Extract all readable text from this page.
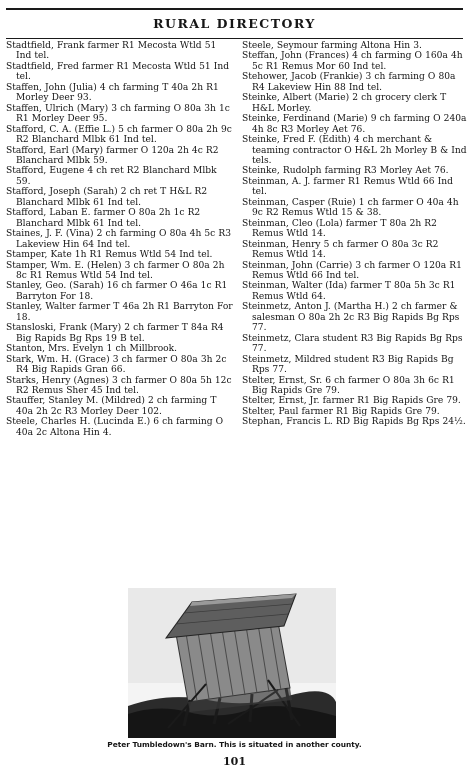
RURAL DIRECTORY

Stadtfield, Frank farmer R1 Mecosta Wtld 51 Ind tel.

Stadtfield, Fred farmer R1 Mecosta Wtld 51 Ind tel.

Staffen, John (Julia) 4 ch farming T 40a 2h R1 Morley Deer 93.

Staffen, Ulrich (Mary) 3 ch farming O 80a 3h 1c R1 Morley Deer 95.

Stafford, C. A. (Effie L.) 5 ch farmer O 80a 2h 9c R2 Blanchard Mlbk 61 Ind tel.

Stafford, Earl (Mary) farmer O 120a 2h 4c R2 Blanchard Mlbk 59.

Stafford, Eugene 4 ch ret R2 Blanchard Mlbk 59.

Stafford, Joseph (Sarah) 2 ch ret T H&L R2 Blanchard Mlbk 61 Ind tel.

Stafford, Laban E. farmer O 80a 2h 1c R2 Blanchard Mlbk 61 Ind tel.

Staines, J. F. (Vina) 2 ch farming O 80a 4h 5c R3 Lakeview Hin 64 Ind tel.

Stamper, Kate 1h R1 Remus Wtld 54 Ind tel.

Stamper, Wm. E. (Helen) 3 ch farmer O 80a 2h 8c R1 Remus Wtld 54 Ind tel.

Stanley, Geo. (Sarah) 16 ch farmer O 46a 1c R1 Barryton For 18.

Stanley, Walter farmer T 46a 2h R1 Barryton For 18.

Stansloski, Frank (Mary) 2 ch farmer T 84a R4 Big Rapids Bg Rps 19 B tel.

Stanton, Mrs. Evelyn 1 ch Millbrook.

Stark, Wm. H. (Grace) 3 ch farmer O 80a 3h 2c R4 Big Rapids Gran 66.

Starks, Henry (Agnes) 3 ch farmer O 80a 5h 12c R2 Remus Sher 45 Ind tel.

Stauffer, Stanley M. (Mildred) 2 ch farming T 40a 2h 2c R3 Morley Deer 102.

Steele, Charles H. (Lucinda E.) 6 ch farming O 40a 2c Altona Hin 4.

Steele, Seymour farming Altona Hin 3.

Steffan, John (Frances) 4 ch farming O 160a 4h 5c R1 Remus Mor 60 Ind tel.

Stehower, Jacob (Frankie) 3 ch farming O 80a R4 Lakeview Hin 88 Ind tel.

Steinke, Albert (Marie) 2 ch grocery clerk T H&L Morley.

Steinke, Ferdinand (Marie) 9 ch farming O 240a 4h 8c R3 Morley Aet 76.

Steinke, Fred F. (Edith) 4 ch merchant & teaming contractor O H&L 2h Morley B & Ind tels.

Steinke, Rudolph farming R3 Morley Aet 76.

Steinman, A. J. farmer R1 Remus Wtld 66 Ind tel.

Steinman, Casper (Ruie) 1 ch farmer O 40a 4h 9c R2 Remus Wtld 15 & 38.

Steinman, Cleo (Lola) farmer T 80a 2h R2 Remus Wtld 14.

Steinman, Henry 5 ch farmer O 80a 3c R2 Remus Wtld 14.

Steinman, John (Carrie) 3 ch farmer O 120a R1 Remus Wtld 66 Ind tel.

Steinman, Walter (Ida) farmer T 80a 5h 3c R1 Remus Wtld 64.

Steinmetz, Anton J. (Martha H.) 2 ch farmer & salesman O 80a 2h 2c R3 Big Rapids Bg Rps 77.

Steinmetz, Clara student R3 Big Rapids Bg Rps 77.

Steinmetz, Mildred student R3 Big Rapids Bg Rps 77.

Stelter, Ernst, Sr. 6 ch farmer O 80a 3h 6c R1 Big Rapids Gre 79.

Stelter, Ernst, Jr. farmer R1 Big Rapids Gre 79.

Stelter, Paul farmer R1 Big Rapids Gre 79.

Stephan, Francis L. RD Big Rapids Bg Rps 24½.

Peter Tumbledown's Barn. This is situated in another county.
101
